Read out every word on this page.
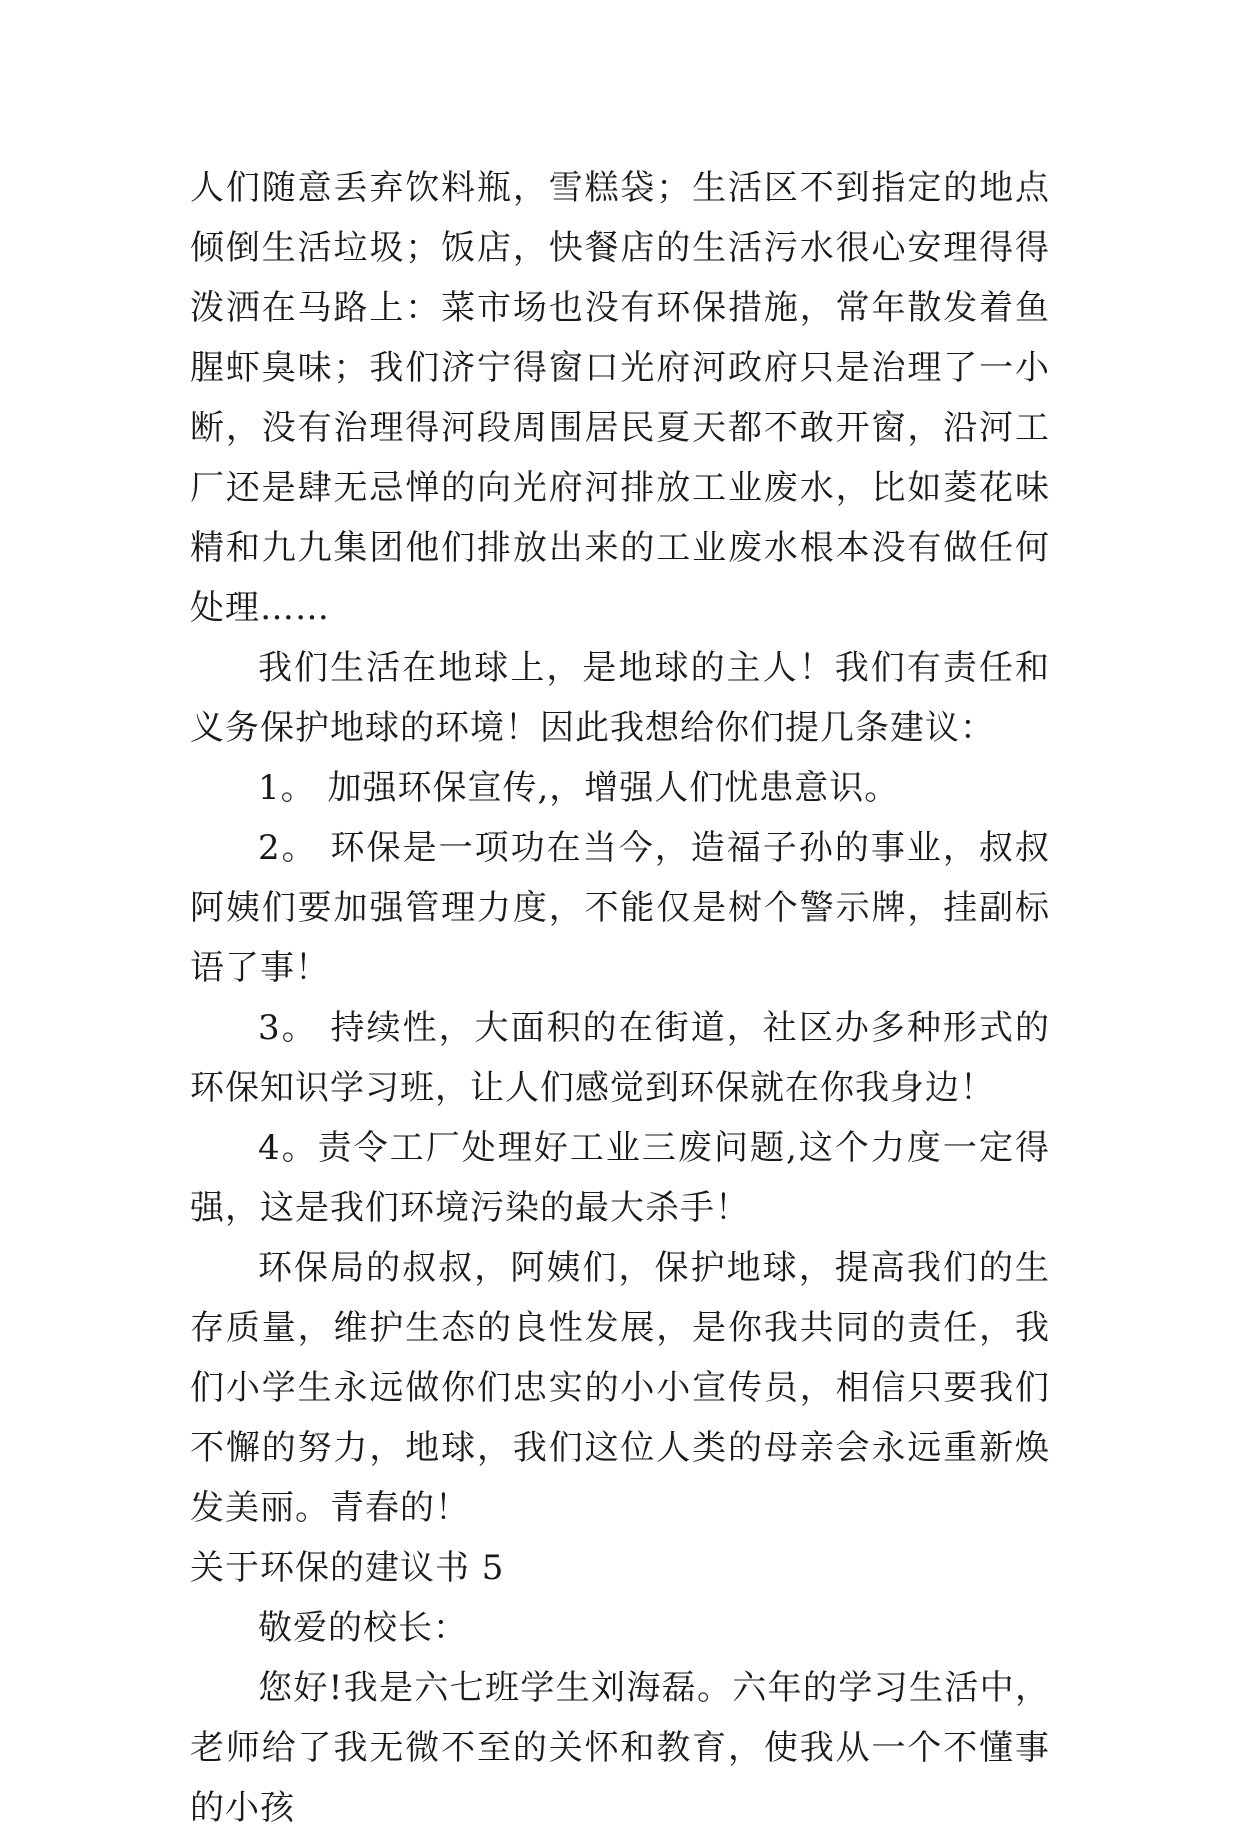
人们随意丢弃饮料瓶，雪糕袋；生活区不到指定的地点倾倒生活垃圾；饭店，快餐店的生活污水很心安理得得泼洒在马路上：菜市场也没有环保措施，常年散发着鱼腥虾臭味；我们济宁得窗口光府河政府只是治理了一小断，没有治理得河段周围居民夏天都不敢开窗，沿河工厂还是肆无忌惮的向光府河排放工业废水，比如菱花味精和九九集团他们排放出来的工业废水根本没有做任何处理……

我们生活在地球上，是地球的主人！我们有责任和义务保护地球的环境！因此我想给你们提几条建议：

1。 加强环保宣传,，增强人们忧患意识。

2。 环保是一项功在当今，造福子孙的事业，叔叔阿姨们要加强管理力度，不能仅是树个警示牌，挂副标语了事！

3。 持续性，大面积的在街道，社区办多种形式的环保知识学习班，让人们感觉到环保就在你我身边！

4。责令工厂处理好工业三废问题,这个力度一定得强，这是我们环境污染的最大杀手！

环保局的叔叔，阿姨们，保护地球，提高我们的生存质量，维护生态的良性发展，是你我共同的责任，我们小学生永远做你们忠实的小小宣传员，相信只要我们不懈的努力，地球，我们这位人类的母亲会永远重新焕发美丽。青春的！

关于环保的建议书 5

敬爱的校长：

您好!我是六七班学生刘海磊。六年的学习生活中，老师给了我无微不至的关怀和教育，使我从一个不懂事的小孩
